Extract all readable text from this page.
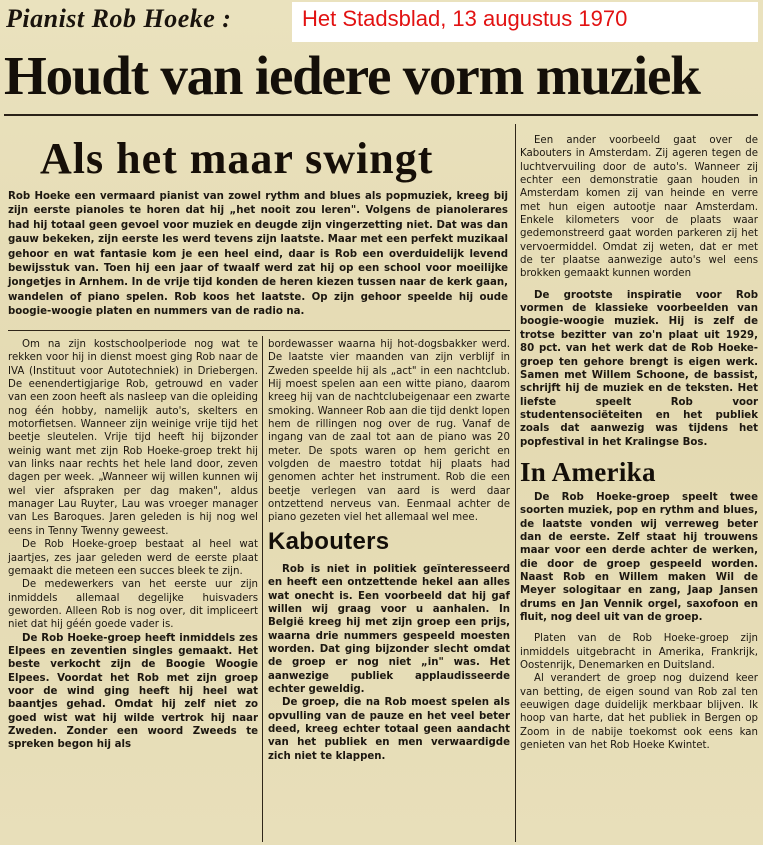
Pianist Rob Hoeke :	Het Stadsblad, 13 augustus 1970
Houdt van iedere vorm muziek
Als het maar swingt

Rob Hoeke een vermaard pianist van zowel rythm and blues als popmuziek, kreeg bij zijn eerste pianoles te horen dat hij „het nooit zou leren". Volgens de pianolerares had hij totaal geen gevoel voor muziek en deugde zijn vingerzetting niet. Dat was dan gauw bekeken, zijn eerste les werd tevens zijn laatste. Maar met een perfekt muzikaal gehoor en wat fantasie kom je een heel eind, daar is Rob een overduidelijk levend bewijsstuk van. Toen hij een jaar of twaalf werd zat hij op een school voor moeilijke jongetjes in Arnhem. In de vrije tijd konden de heren kiezen tussen naar de kerk gaan, wandelen of piano spelen. Rob koos het laatste. Op zijn gehoor speelde hij oude boogie-woogie platen en nummers van de radio na.

Om na zijn kostschoolperiode nog wat te rekken voor hij in dienst moest ging Rob naar de IVA (Instituut voor Autotechniek) in Driebergen. De eenendertigjarige Rob, getrouwd en vader van een zoon heeft als nasleep van die opleiding nog één hobby, namelijk auto's, skelters en motorfietsen. Wanneer zijn weinige vrije tijd het beetje sleutelen. Vrije tijd heeft hij bijzonder weinig want met zijn Rob Hoeke-groep trekt hij van links naar rechts het hele land door, zeven dagen per week. „Wanneer wij willen kunnen wij wel vier afspraken per dag maken", aldus manager Lau Ruyter, Lau was vroeger manager van Les Baroques. Jaren geleden is hij nog wel eens in Tenny Twenny geweest.

De Rob Hoeke-groep bestaat al heel wat jaartjes, zes jaar geleden werd de eerste plaat gemaakt die meteen een succes bleek te zijn.

De medewerkers van het eerste uur zijn inmiddels allemaal degelijke huisvaders geworden. Alleen Rob is nog over, dit impliceert niet dat hij géén goede vader is.

De Rob Hoeke-groep heeft inmiddels zes Elpees en zeventien singles gemaakt. Het beste verkocht zijn de Boogie Woogie Elpees. Voordat het Rob met zijn groep voor de wind ging heeft hij heel wat baantjes gehad. Omdat hij zelf niet zo goed wist wat hij wilde vertrok hij naar Zweden. Zonder een woord Zweeds te spreken begon hij als

bordewasser waarna hij hot-dogsbakker werd. De laatste vier maanden van zijn verblijf in Zweden speelde hij als „act" in een nachtclub. Hij moest spelen aan een witte piano, daarom kreeg hij van de nachtclubeigenaar een zwarte smoking. Wanneer Rob aan die tijd denkt lopen hem de rillingen nog over de rug. Vanaf de ingang van de zaal tot aan de piano was 20 meter. De spots waren op hem gericht en volgden de maestro totdat hij plaats had genomen achter het instrument. Rob die een beetje verlegen van aard is werd daar ontzettend nerveus van. Eenmaal achter de piano gezeten viel het allemaal wel mee.

Kabouters

Rob is niet in politiek geïnteresseerd en heeft een ontzettende hekel aan alles wat onecht is. Een voorbeeld dat hij gaf willen wij graag voor u aanhalen. In België kreeg hij met zijn groep een prijs, waarna drie nummers gespeeld moesten worden. Dat ging bijzonder slecht omdat de groep er nog niet „in" was. Het aanwezige publiek applaudisseerde echter geweldig.

De groep, die na Rob moest spelen als opvulling van de pauze en het veel beter deed, kreeg echter totaal geen aandacht van het publiek en men verwaardigde zich niet te klappen.

Een ander voorbeeld gaat over de Kabouters in Amsterdam. Zij ageren tegen de luchtvervuiling door de auto's. Wanneer zij echter een demonstratie gaan houden in Amsterdam komen zij van heinde en verre met hun eigen autootje naar Amsterdam. Enkele kilometers voor de plaats waar gedemonstreerd gaat worden parkeren zij het vervoermiddel. Omdat zij weten, dat er met de ter plaatse aanwezige auto's wel eens brokken gemaakt kunnen worden

De grootste inspiratie voor Rob vormen de klassieke voorbeelden van boogie-woogie muziek. Hij is zelf de trotse bezitter van zo'n plaat uit 1929, 80 pct. van het werk dat de Rob Hoeke-groep ten gehore brengt is eigen werk. Samen met Willem Schoone, de bassist, schrijft hij de muziek en de teksten. Het liefste speelt Rob voor studentensociëteiten en het publiek zoals dat aanwezig was tijdens het popfestival in het Kralingse Bos.

In Amerika

De Rob Hoeke-groep speelt twee soorten muziek, pop en rythm and blues, de laatste vonden wij verreweg beter dan de eerste. Zelf staat hij trouwens maar voor een derde achter de werken, die door de groep gespeeld worden. Naast Rob en Willem maken Wil de Meyer sologitaar en zang, Jaap Jansen drums en Jan Vennik orgel, saxofoon en fluit, nog deel uit van de groep.

Platen van de Rob Hoeke-groep zijn inmiddels uitgebracht in Amerika, Frankrijk, Oostenrijk, Denemarken en Duitsland.

Al verandert de groep nog duizend keer van betting, de eigen sound van Rob zal ten eeuwigen dage duidelijk merkbaar blijven. Ik hoop van harte, dat het publiek in Bergen op Zoom in de nabije toekomst ook eens kan genieten van het Rob Hoeke Kwintet.
